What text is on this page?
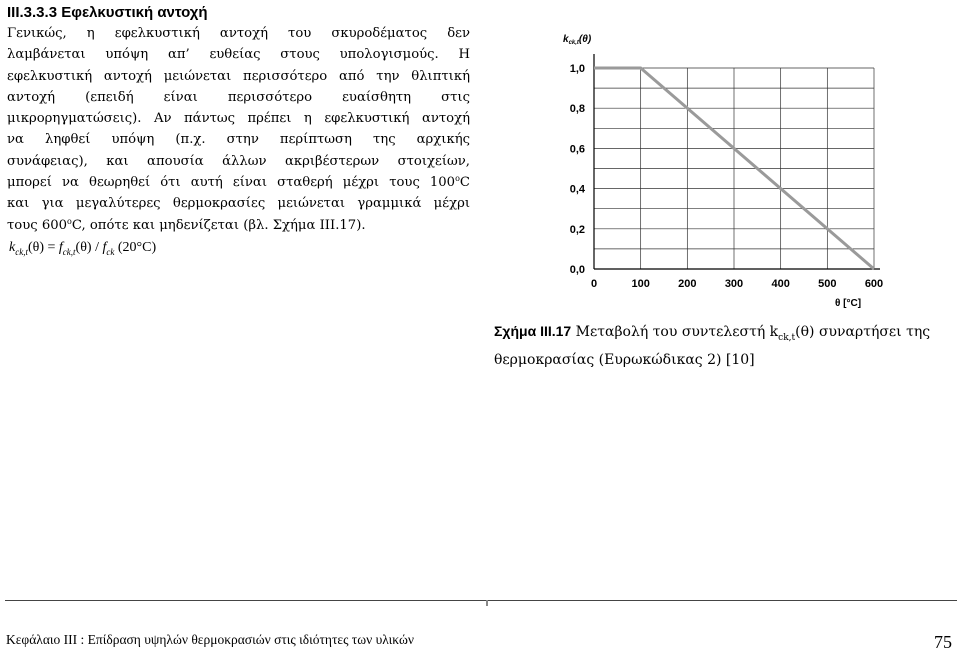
ΙΙΙ.3.3.3 Εφελκυστική αντοχή
Γενικώς, η εφελκυστική αντοχή του σκυροδέματος δεν
λαμβάνεται υπόψη απ’ ευθείας στους υπολογισμούς. Η
εφελκυστική αντοχή μειώνεται περισσότερο από την θλιπτική
αντοχή (επειδή είναι περισσότερο ευαίσθητη στις
μικρορηγματώσεις). Αν πάντως πρέπει η εφελκυστική αντοχή
να ληφθεί υπόψη (π.χ. στην περίπτωση της αρχικής
συνάφειας), και απουσία άλλων ακριβέστερων στοιχείων,
μπορεί να θεωρηθεί ότι αυτή είναι σταθερή μέχρι τους $100^oC$
και για μεγαλύτερες θερμοκρασίες μειώνεται γραμμικά μέχρι
τους $600^oC$, οπότε και μηδενίζεται (βλ. Σχήμα ΙΙΙ.17).
$k_{ck,t}(\theta) = f_{ck,t}(\theta) / f_{ck}$ (20°C)
$k_{ck,t}(\theta)$
0,0
0,2
0,4
0,6
0,8
1,0
0	100	200	300	400	500	600
θ [°C]
Σχήμα ΙΙΙ.17 Μεταβολή του συντελεστή $k_{ck,t}(\theta)$ συναρτήσει της
θερμοκρασίας (Ευρωκώδικας 2) [10]
Κεφάλαιο ΙΙΙ : Επίδραση υψηλών θερμοκρασιών στις ιδιότητες των υλικών	75
